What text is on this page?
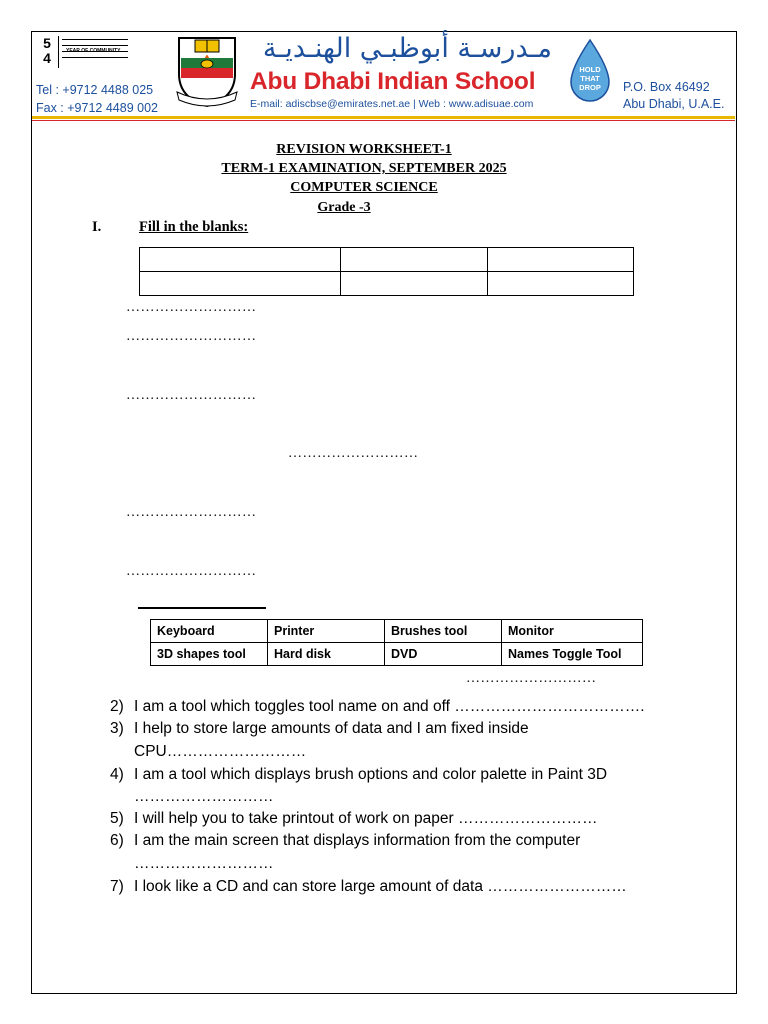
5
4	YEAR OF COMMUNITY
Tel : +9712 4488 025
Fax : +9712 4489 002
مـدرسـة أبوظبـي الهنـديـة
Abu Dhabi Indian School
E-mail: adiscbse@emirates.net.ae | Web : www.adisuae.com
HOLD
THAT
DROP P.O. Box 46492
Abu Dhabi, U.A.E.
REVISION WORKSHEET-1
TERM-1 EXAMINATION, SEPTEMBER 2025
COMPUTER SCIENCE
Grade -3
I.	Fill in the blanks:

………………………
………………………
………………………
………………………
………………………
………………………
Keyboard	Printer	Brushes tool	Monitor
3D shapes tool	Hard disk	DVD	Names Toggle Tool
………………………
2) I am a tool which toggles tool name on and off ……………………………….
3) I help to store large amounts of data and I am fixed inside
CPU………………………
4) I am a tool which displays brush options and color palette in Paint 3D
………………………
5) I will help you to take printout of work on paper ………………………
6) I am the main screen that displays information from the computer
………………………
7) I look like a CD and can store large amount of data ………………………
